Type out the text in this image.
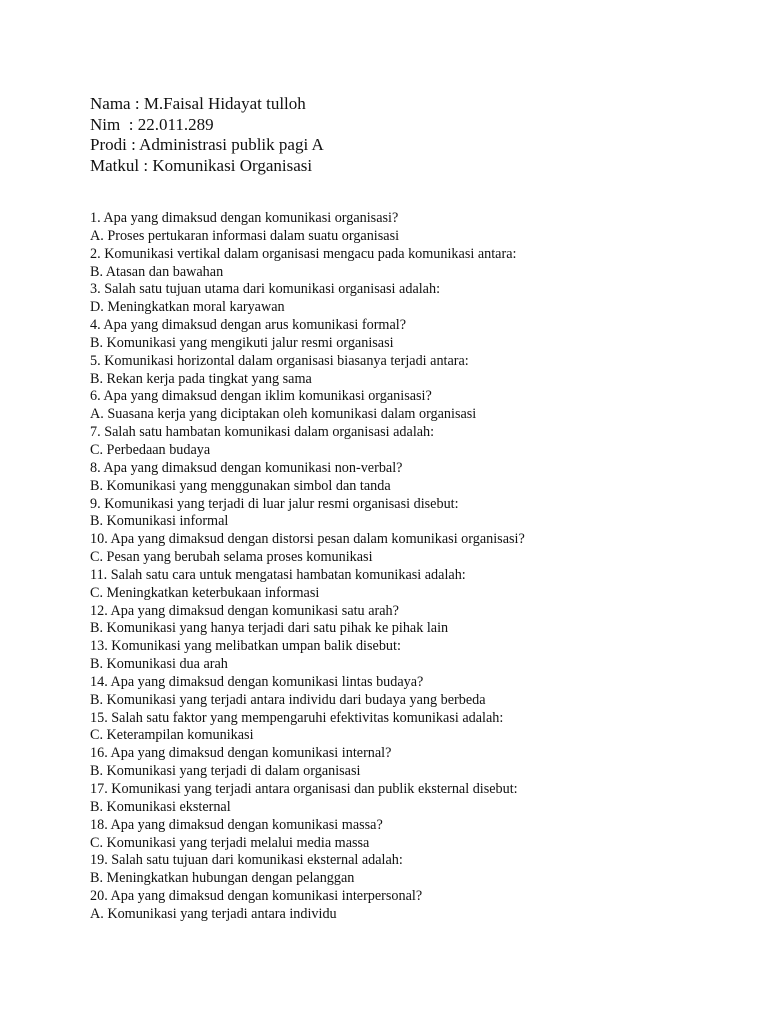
Nama : M.Faisal Hidayat tulloh
Nim  : 22.011.289
Prodi : Administrasi publik pagi A
Matkul : Komunikasi Organisasi
1. Apa yang dimaksud dengan komunikasi organisasi?
A. Proses pertukaran informasi dalam suatu organisasi
2. Komunikasi vertikal dalam organisasi mengacu pada komunikasi antara:
B. Atasan dan bawahan
3. Salah satu tujuan utama dari komunikasi organisasi adalah:
D. Meningkatkan moral karyawan
4. Apa yang dimaksud dengan arus komunikasi formal?
B. Komunikasi yang mengikuti jalur resmi organisasi
5. Komunikasi horizontal dalam organisasi biasanya terjadi antara:
B. Rekan kerja pada tingkat yang sama
6. Apa yang dimaksud dengan iklim komunikasi organisasi?
A. Suasana kerja yang diciptakan oleh komunikasi dalam organisasi
7. Salah satu hambatan komunikasi dalam organisasi adalah:
C. Perbedaan budaya
8. Apa yang dimaksud dengan komunikasi non-verbal?
B. Komunikasi yang menggunakan simbol dan tanda
9. Komunikasi yang terjadi di luar jalur resmi organisasi disebut:
B. Komunikasi informal
10. Apa yang dimaksud dengan distorsi pesan dalam komunikasi organisasi?
C. Pesan yang berubah selama proses komunikasi
11. Salah satu cara untuk mengatasi hambatan komunikasi adalah:
C. Meningkatkan keterbukaan informasi
12. Apa yang dimaksud dengan komunikasi satu arah?
B. Komunikasi yang hanya terjadi dari satu pihak ke pihak lain
13. Komunikasi yang melibatkan umpan balik disebut:
B. Komunikasi dua arah
14. Apa yang dimaksud dengan komunikasi lintas budaya?
B. Komunikasi yang terjadi antara individu dari budaya yang berbeda
15. Salah satu faktor yang mempengaruhi efektivitas komunikasi adalah:
C. Keterampilan komunikasi
16. Apa yang dimaksud dengan komunikasi internal?
B. Komunikasi yang terjadi di dalam organisasi
17. Komunikasi yang terjadi antara organisasi dan publik eksternal disebut:
B. Komunikasi eksternal
18. Apa yang dimaksud dengan komunikasi massa?
C. Komunikasi yang terjadi melalui media massa
19. Salah satu tujuan dari komunikasi eksternal adalah:
B. Meningkatkan hubungan dengan pelanggan
20. Apa yang dimaksud dengan komunikasi interpersonal?
A. Komunikasi yang terjadi antara individu
